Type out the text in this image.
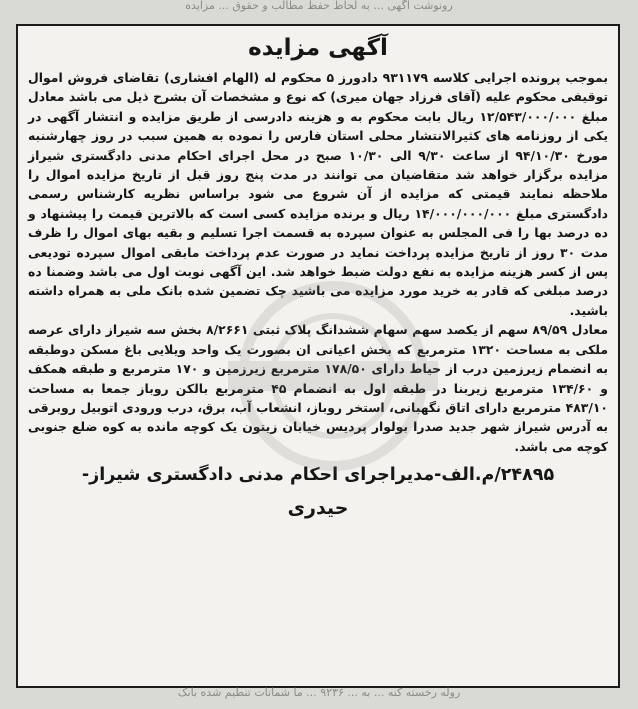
رونوشت آگهی ... به لحاظ حفظ مطالب و حقوق ... مزایده
آگهی مزایده

بموجب پرونده اجرایی کلاسه ۹۳۱۱۷۹ دادورز ۵ محکوم له (الهام افشاری) تقاضای فروش اموال توقیفی محکوم علیه (آقای فرزاد جهان میری) که نوع و مشخصات آن بشرح ذیل می باشد معادل مبلغ ۱۲/۵۴۳/۰۰۰/۰۰۰ ریال بابت محکوم به و هزینه دادرسی از طریق مزایده و انتشار آگهی در یکی از روزنامه های کثیرالانتشار محلی استان فارس را نموده به همین سبب در روز چهارشنبه مورخ ۹۴/۱۰/۳۰ از ساعت ۹/۳۰ الی ۱۰/۳۰ صبح در محل اجرای احکام مدنی دادگستری شیراز مزایده برگزار خواهد شد متقاضیان می توانند در مدت پنج روز قبل از تاریخ مزایده اموال را ملاحظه نمایند قیمتی که مزایده از آن شروع می شود براساس نظریه کارشناس رسمی دادگستری مبلغ ۱۴/۰۰۰/۰۰۰/۰۰۰ ریال و برنده مزایده کسی است که بالاترین قیمت را پیشنهاد و ده درصد بها را فی المجلس به عنوان سپرده به قسمت اجرا تسلیم و بقیه بهای اموال را ظرف مدت ۳۰ روز از تاریخ مزایده پرداخت نماید در صورت عدم پرداخت مابقی اموال سپرده تودیعی پس از کسر هزینه مزایده به نفع دولت ضبط خواهد شد. این آگهی نوبت اول می باشد وضمنا ده درصد مبلغی که قادر به خرید مورد مزایده می باشید چک تضمین شده بانک ملی به همراه داشته باشید.

معادل ۸۹/۵۹ سهم از یکصد سهم سهام ششدانگ پلاک ثبتی ۸/۲۶۶۱ بخش سه شیراز دارای عرصه ملکی به مساحت ۱۳۲۰ مترمربع که بخش اعیانی ان بصورت یک واحد ویلایی باغ مسکن دوطبقه به انضمام زیرزمین درب از حیاط دارای ۱۷۸/۵۰ مترمربع زیرزمین و ۱۷۰ مترمربع و طبقه همکف و ۱۳۴/۶۰ مترمربع زیربنا در طبقه اول به انضمام ۴۵ مترمربع بالکن روباز جمعا به مساحت ۴۸۳/۱۰ مترمربع دارای اتاق نگهبانی، استخر روباز، انشعاب آب، برق، درب ورودی اتوبیل روبرقی به آدرس شیراز شهر جدید صدرا بولوار پردیس خیابان زیتون یک کوچه مانده به کوه ضلع جنوبی کوچه می باشد.

۲۴۸۹۵/م.الف-مدیراجرای احکام مدنی دادگستری شیراز-
حیدری
روله رخسته کنه ... به ... ۹۲۳۶ ... ما شماتات تنطیم شده بانک
